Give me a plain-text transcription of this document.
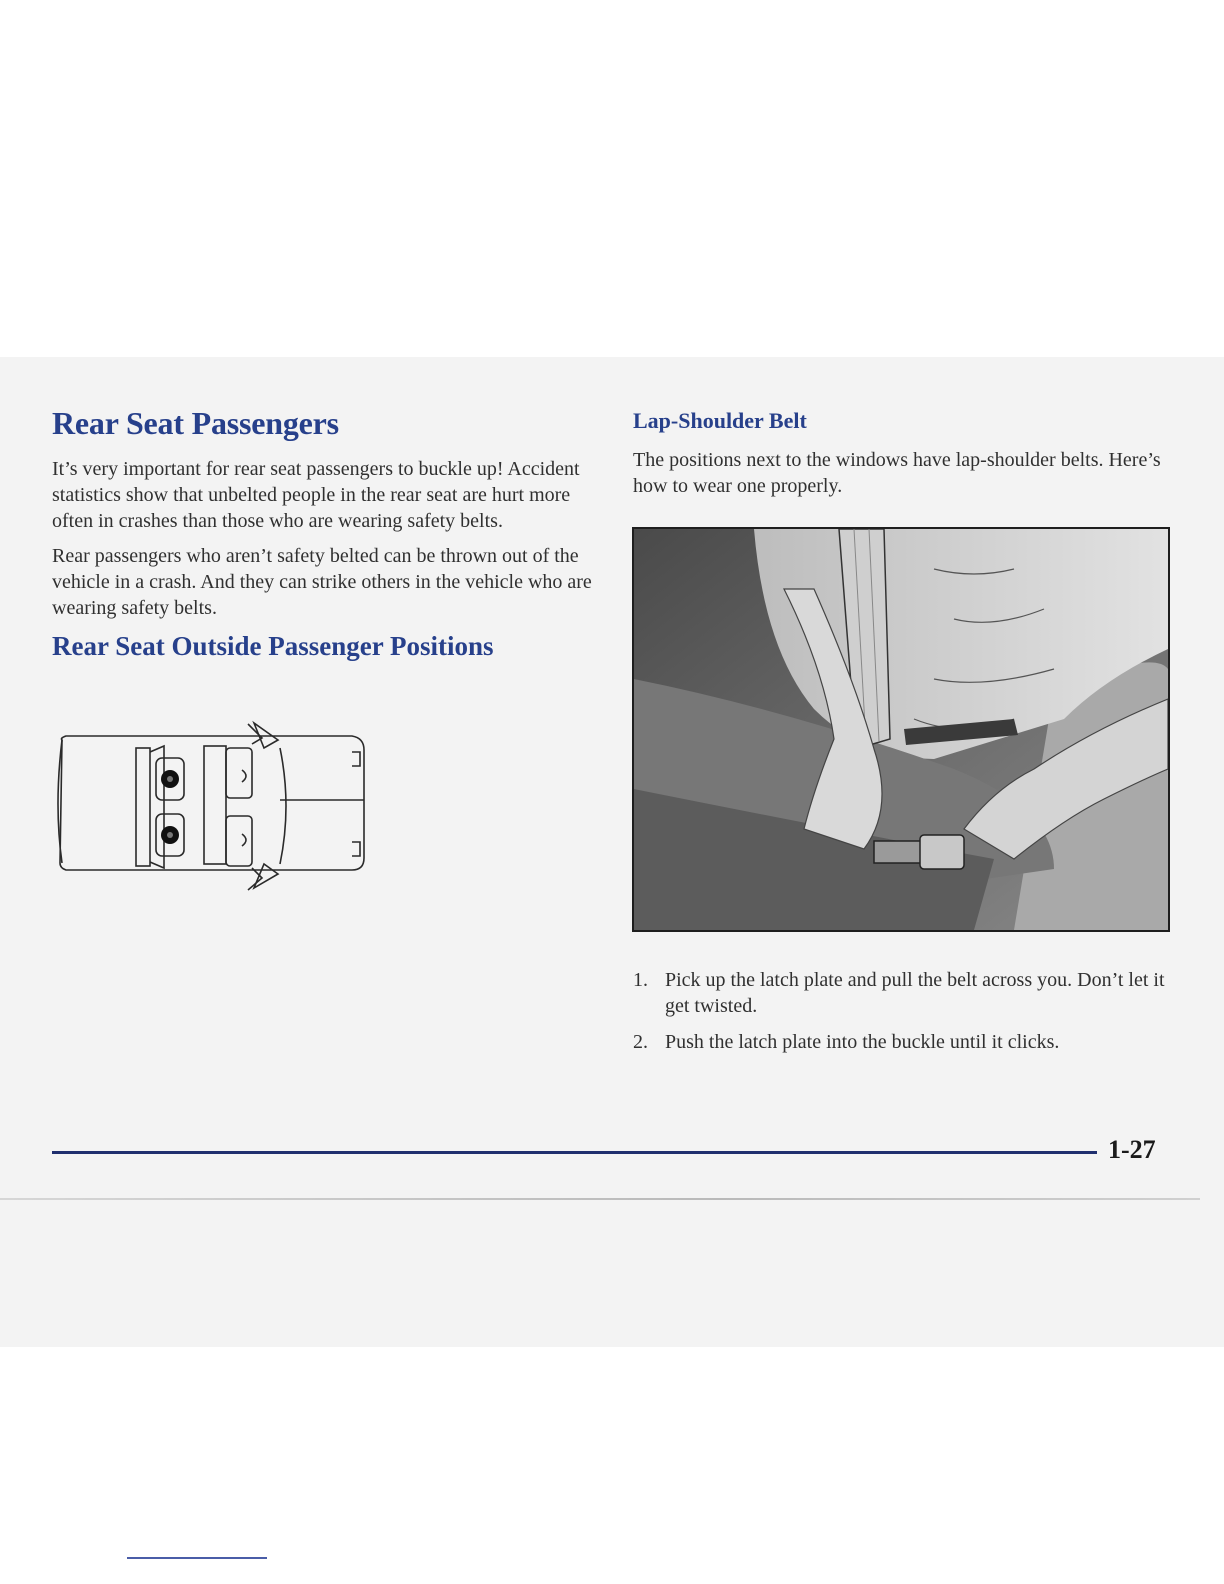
Rear Seat Passengers

It’s very important for rear seat passengers to buckle up! Accident statistics show that unbelted people in the rear seat are hurt more often in crashes than those who are wearing safety belts.

Rear passengers who aren’t safety belted can be thrown out of the vehicle in a crash. And they can strike others in the vehicle who are wearing safety belts.

Rear Seat Outside Passenger Positions
Lap-Shoulder Belt

The positions next to the windows have lap-shoulder belts. Here’s how to wear one properly.

1. Pick up the latch plate and pull the belt across you. Don’t let it get twisted.
2. Push the latch plate into the buckle until it clicks.
1-27
